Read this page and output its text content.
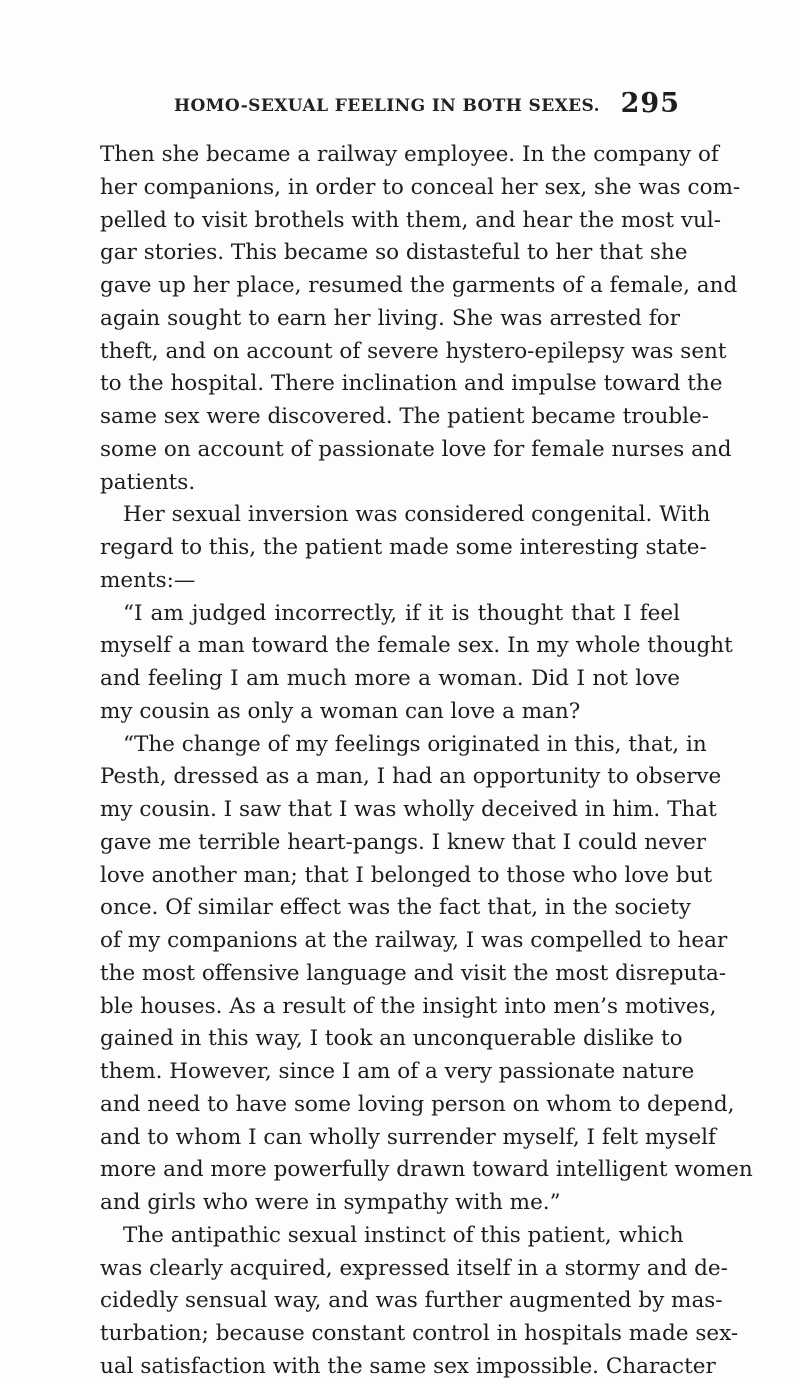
HOMO-SEXUAL FEELING IN BOTH SEXES. 295
Then she became a railway employee. In the company of
her companions, in order to conceal her sex, she was com-
pelled to visit brothels with them, and hear the most vul-
gar stories. This became so distasteful to her that she
gave up her place, resumed the garments of a female, and
again sought to earn her living. She was arrested for
theft, and on account of severe hystero-epilepsy was sent
to the hospital. There inclination and impulse toward the
same sex were discovered. The patient became trouble-
some on account of passionate love for female nurses and
patients.
Her sexual inversion was considered congenital. With
regard to this, the patient made some interesting state-
ments:—
“I am judged incorrectly, if it is thought that I feel
myself a man toward the female sex. In my whole thought
and feeling I am much more a woman. Did I not love
my cousin as only a woman can love a man?
“The change of my feelings originated in this, that, in
Pesth, dressed as a man, I had an opportunity to observe
my cousin. I saw that I was wholly deceived in him. That
gave me terrible heart-pangs. I knew that I could never
love another man; that I belonged to those who love but
once. Of similar effect was the fact that, in the society
of my companions at the railway, I was compelled to hear
the most offensive language and visit the most disreputa-
ble houses. As a result of the insight into men’s motives,
gained in this way, I took an unconquerable dislike to
them. However, since I am of a very passionate nature
and need to have some loving person on whom to depend,
and to whom I can wholly surrender myself, I felt myself
more and more powerfully drawn toward intelligent women
and girls who were in sympathy with me.”
The antipathic sexual instinct of this patient, which
was clearly acquired, expressed itself in a stormy and de-
cidedly sensual way, and was further augmented by mas-
turbation; because constant control in hospitals made sex-
ual satisfaction with the same sex impossible. Character
